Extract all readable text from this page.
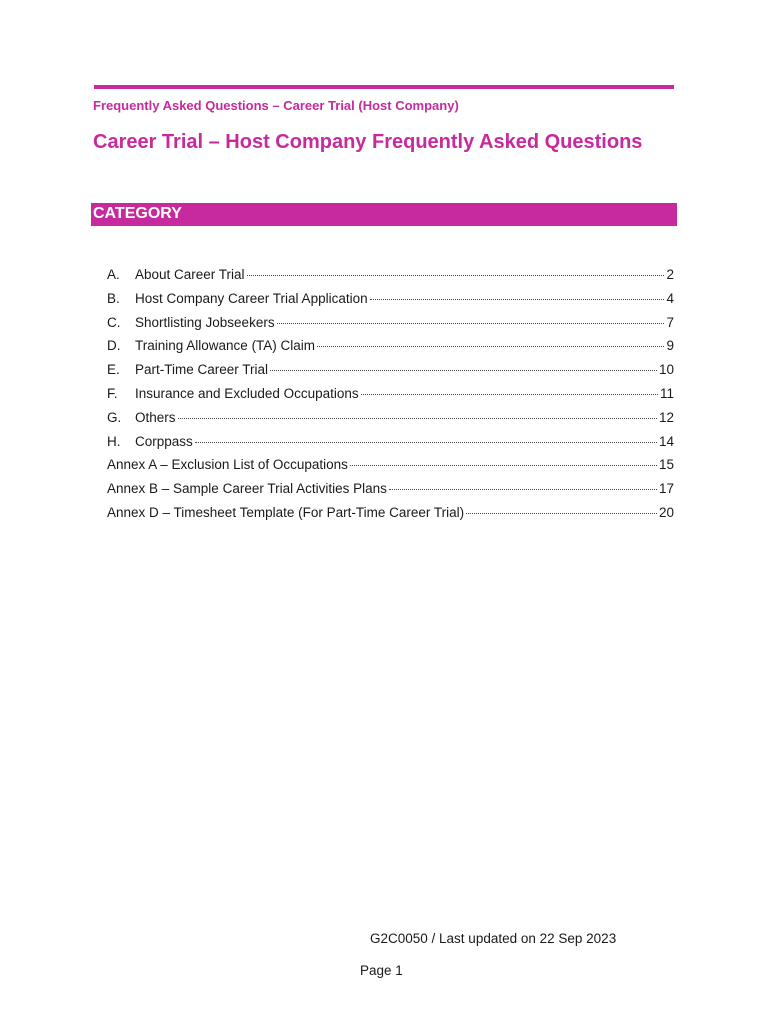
Frequently Asked Questions – Career Trial (Host Company)
Career Trial – Host Company Frequently Asked Questions
CATEGORY
A.	About Career Trial	2
B.	Host Company Career Trial Application	4
C.	Shortlisting Jobseekers	7
D.	Training Allowance (TA) Claim	9
E.	Part-Time Career Trial	10
F.	Insurance and Excluded Occupations	11
G.	Others	12
H.	Corppass	14
Annex A – Exclusion List of Occupations	15
Annex B – Sample Career Trial Activities Plans	17
Annex D – Timesheet Template (For Part-Time Career Trial)	20
G2C0050 / Last updated on 22 Sep 2023
Page 1
